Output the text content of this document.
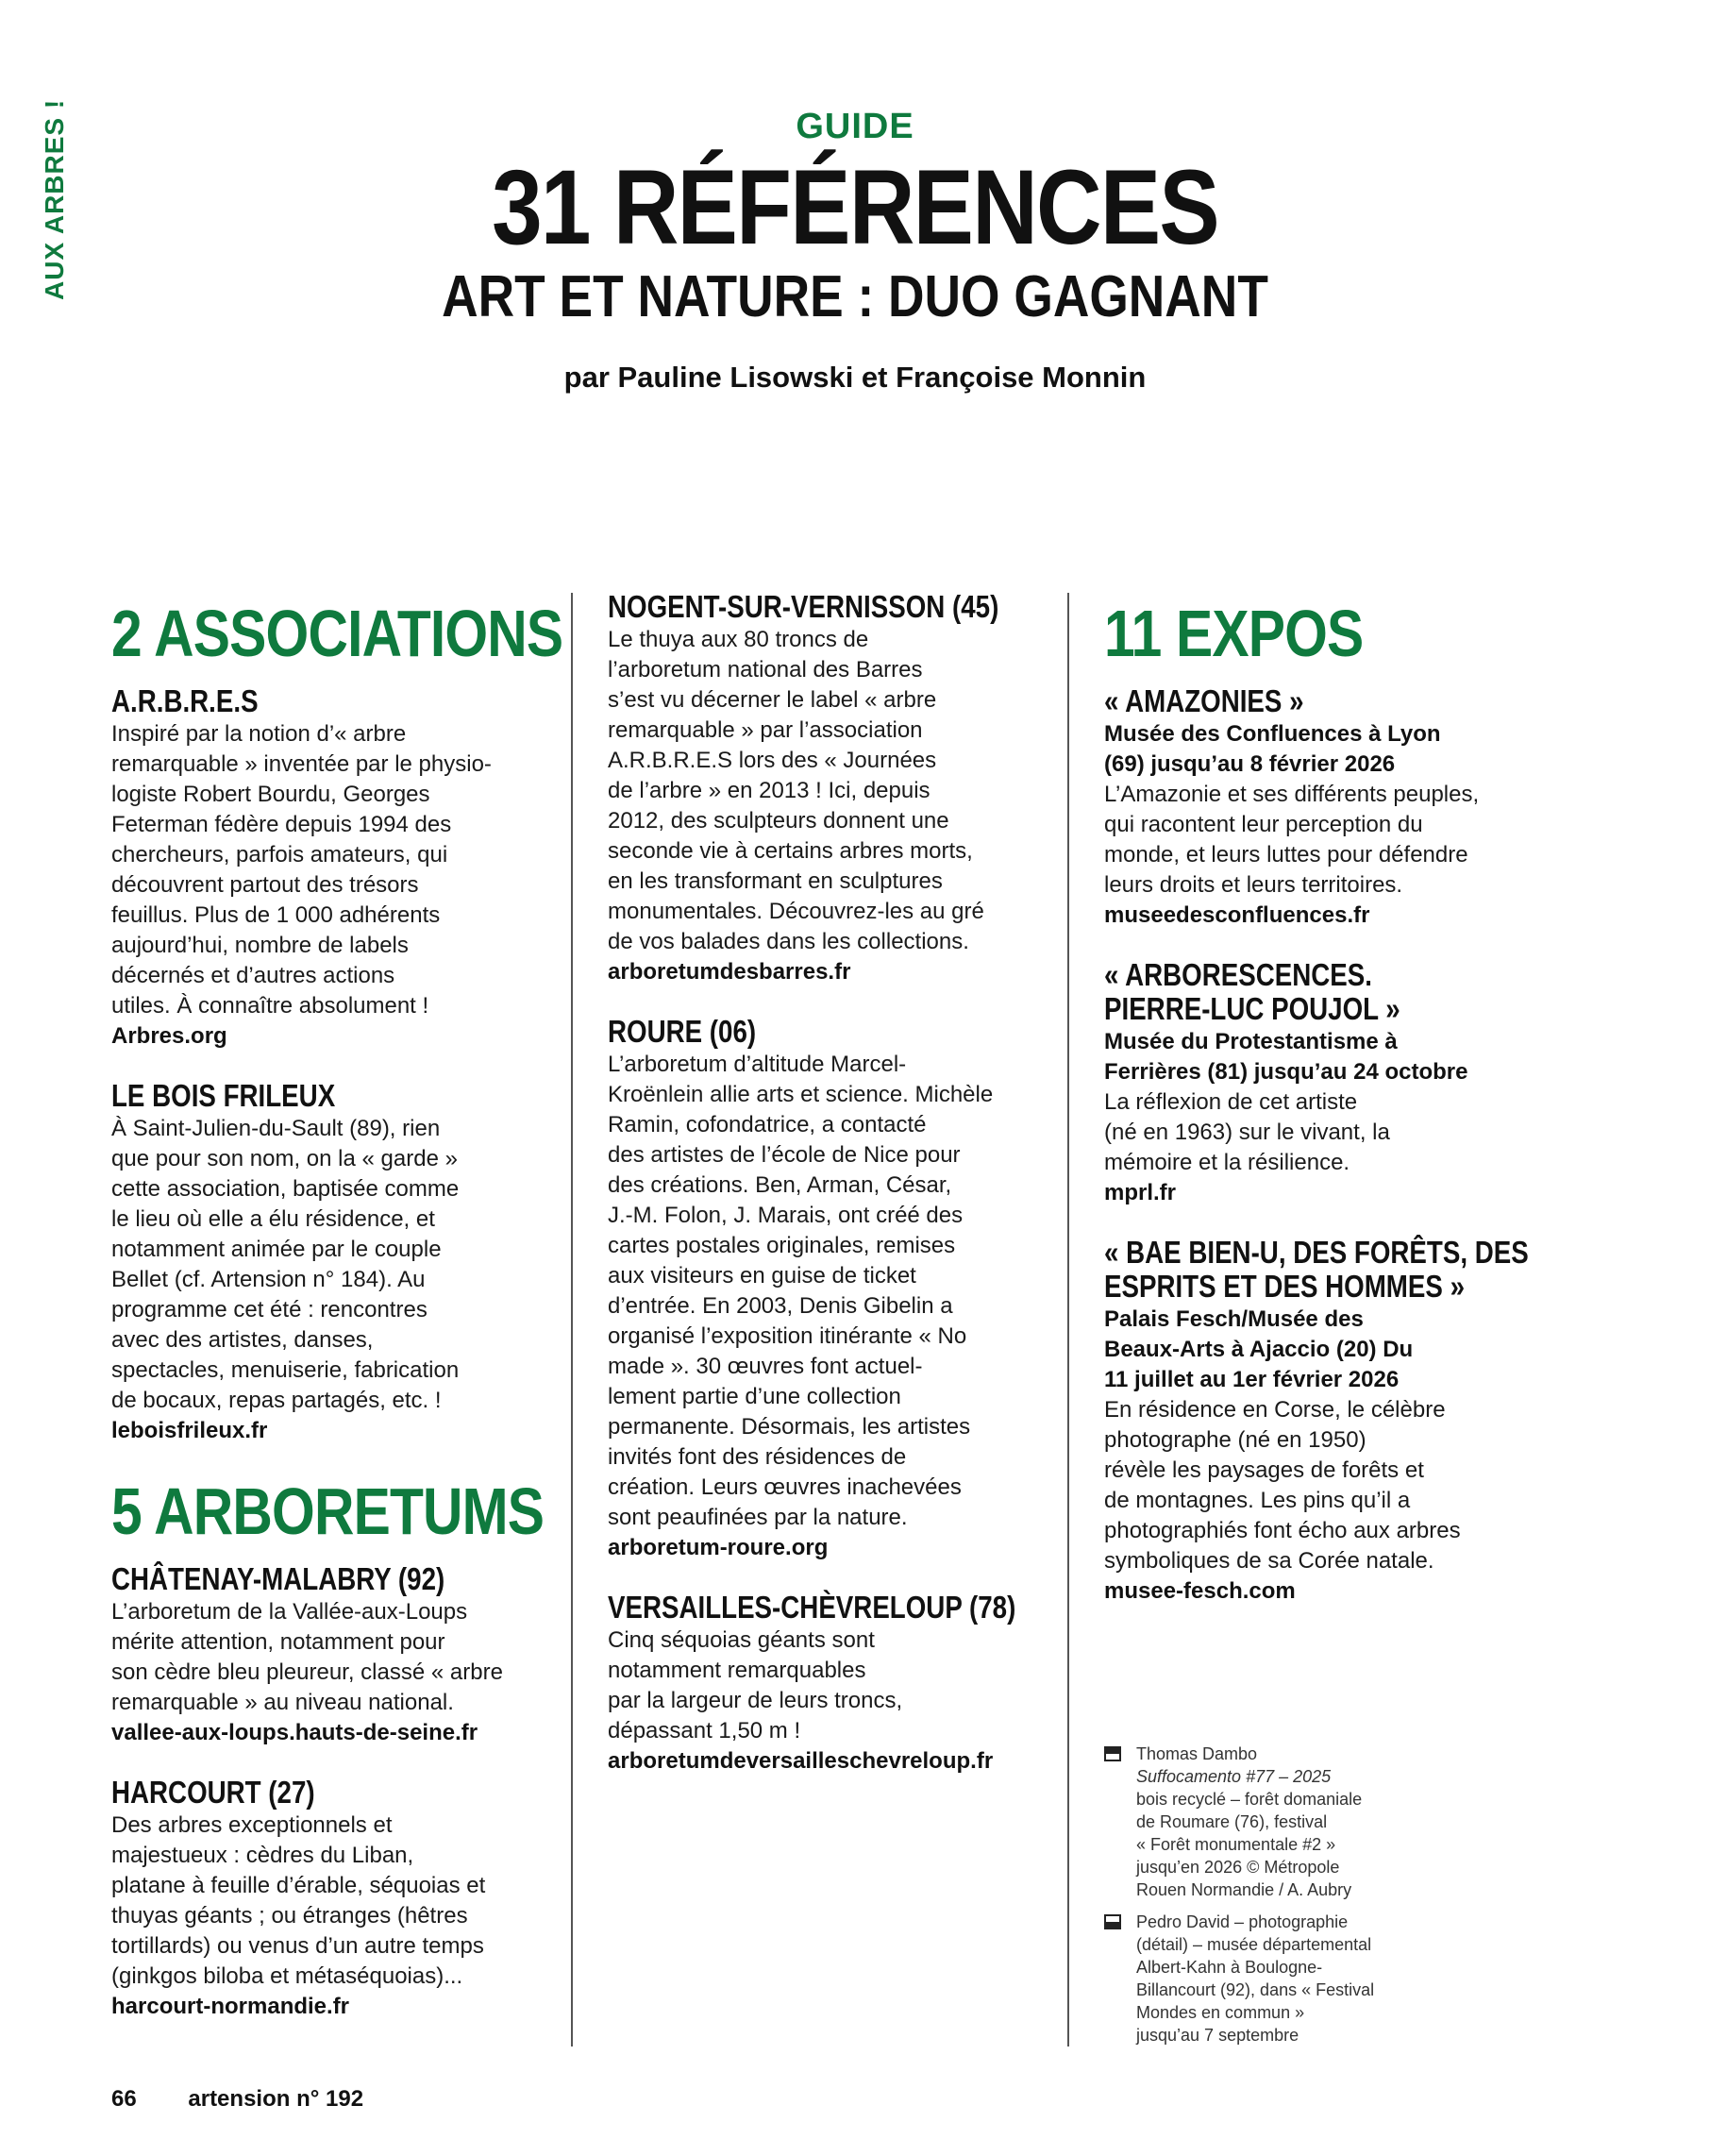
AUX ARBRES !	GUIDE
31 RÉFÉRENCES
ART ET NATURE : DUO GAGNANT
par Pauline Lisowski et Françoise Monnin
2 ASSOCIATIONS
A.R.B.R.E.S

Inspiré par la notion d’« arbre

remarquable » inventée par le physio-

logiste Robert Bourdu, Georges

Feterman fédère depuis 1994 des

chercheurs, parfois amateurs, qui

découvrent partout des trésors

feuillus. Plus de 1 000 adhérents

aujourd’hui, nombre de labels

décernés et d’autres actions

utiles. À connaître absolument !

Arbres.org
LE BOIS FRILEUX

À Saint-Julien-du-Sault (89), rien

que pour son nom, on la « garde »

cette association, baptisée comme

le lieu où elle a élu résidence, et

notamment animée par le couple

Bellet (cf. Artension n° 184). Au

programme cet été : rencontres

avec des artistes, danses,

spectacles, menuiserie, fabrication

de bocaux, repas partagés, etc. !

leboisfrileux.fr
5 ARBORETUMS
CHÂTENAY-MALABRY (92)

L’arboretum de la Vallée-aux-Loups

mérite attention, notamment pour

son cèdre bleu pleureur, classé « arbre

remarquable » au niveau national.

vallee-aux-loups.hauts-de-seine.fr
HARCOURT (27)

Des arbres exceptionnels et

majestueux : cèdres du Liban,

platane à feuille d’érable, séquoias et

thuyas géants ; ou étranges (hêtres

tortillards) ou venus d’un autre temps

(ginkgos biloba et métaséquoias)...

harcourt-normandie.fr
NOGENT-SUR-VERNISSON (45)

Le thuya aux 80 troncs de

l’arboretum national des Barres

s’est vu décerner le label « arbre

remarquable » par l’association

A.R.B.R.E.S lors des « Journées

de l’arbre » en 2013 ! Ici, depuis

2012, des sculpteurs donnent une

seconde vie à certains arbres morts,

en les transformant en sculptures

monumentales. Découvrez-les au gré

de vos balades dans les collections.

arboretumdesbarres.fr
ROURE (06)

L’arboretum d’altitude Marcel-

Kroënlein allie arts et science. Michèle

Ramin, cofondatrice, a contacté

des artistes de l’école de Nice pour

des créations. Ben, Arman, César,

J.-M. Folon, J. Marais, ont créé des

cartes postales originales, remises

aux visiteurs en guise de ticket

d’entrée. En 2003, Denis Gibelin a

organisé l’exposition itinérante « No

made ». 30 œuvres font actuel-

lement partie d’une collection

permanente. Désormais, les artistes

invités font des résidences de

création. Leurs œuvres inachevées

sont peaufinées par la nature.

arboretum-roure.org
VERSAILLES-CHÈVRELOUP (78)

Cinq séquoias géants sont

notamment remarquables

par la largeur de leurs troncs,

dépassant 1,50 m !

arboretumdeversailleschevreloup.fr
11 EXPOS
« AMAZONIES »
Musée des Confluences à Lyon
(69) jusqu’au 8 février 2026

L’Amazonie et ses différents peuples,

qui racontent leur perception du

monde, et leurs luttes pour défendre

leurs droits et leurs territoires.

museedesconfluences.fr
« ARBORESCENCES.
PIERRE-LUC POUJOL »
Musée du Protestantisme à
Ferrières (81) jusqu’au 24 octobre

La réflexion de cet artiste

(né en 1963) sur le vivant, la

mémoire et la résilience.

mprl.fr
« BAE BIEN-U, DES FORÊTS, DES
ESPRITS ET DES HOMMES »
Palais Fesch/Musée des
Beaux-Arts à Ajaccio (20) Du
11 juillet au 1er février 2026

En résidence en Corse, le célèbre

photographe (né en 1950)

révèle les paysages de forêts et

de montagnes. Les pins qu’il a

photographiés font écho aux arbres

symboliques de sa Corée natale.

musee-fesch.com
Thomas Dambo
Suffocamento #77 – 2025
bois recyclé – forêt domaniale
de Roumare (76), festival
« Forêt monumentale #2 »
jusqu’en 2026 © Métropole
Rouen Normandie / A. Aubry
Pedro David – photographie
(détail) – musée départemental
Albert-Kahn à Boulogne-
Billancourt (92), dans « Festival
Mondes en commun »
jusqu’au 7 septembre
66 artension n° 192
